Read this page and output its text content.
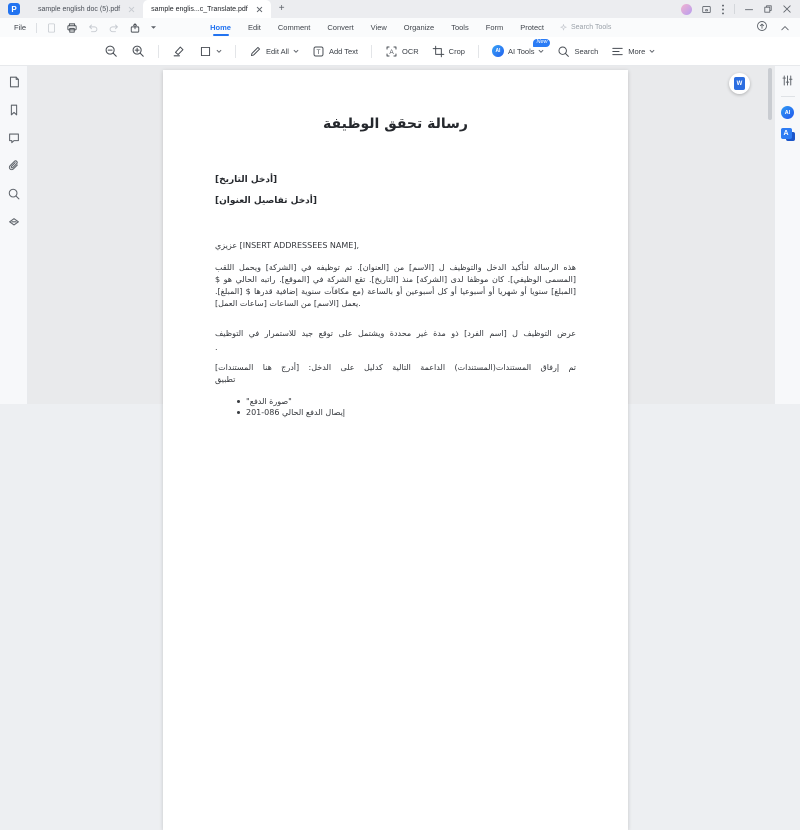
P	sample english doc (5).pdf	sample englis...c_Translate.pdf	+
File	Home Edit Comment Convert View Organize Tools Form Protect	Search Tools
Edit All	T Add Text	A OCR	Crop	AI	AI Tools
New
Search	More
رسالة تحقق الوظيفة
[أدخل التاريخ]
[أدخل تفاصيل العنوان]
عزيزي [INSERT ADDRESSEES NAME],
هذه الرسالة لتأكيد الدخل والتوظيف ل [الاسم] من [العنوان]. تم توظيفه في [الشركة] ويحمل اللقب [المسمى الوظيفي]. كان موظفا لدى [الشركة] منذ [التاريخ]. تقع الشركة في [الموقع]. راتبه الحالي هو $ [المبلغ] سنويا أو شهريا أو أسبوعيا أو كل أسبوعين أو بالساعة (مع مكافآت سنوية إضافية قدرها $ [المبلغ]. يعمل [الاسم] من الساعات [ساعات العمل].
عرض التوظيف ل [اسم الفرد] ذو مدة غير محددة ويشتمل على توقع جيد للاستمرار في التوظيف
.
تم إرفاق المستندات(المستندات) الداعمة التالية كدليل على الدخل: [أدرج هنا المستندات]
تطبيق
"صورة الدفع"
إيصال الدفع الحالي 086-201
W
AI
A
